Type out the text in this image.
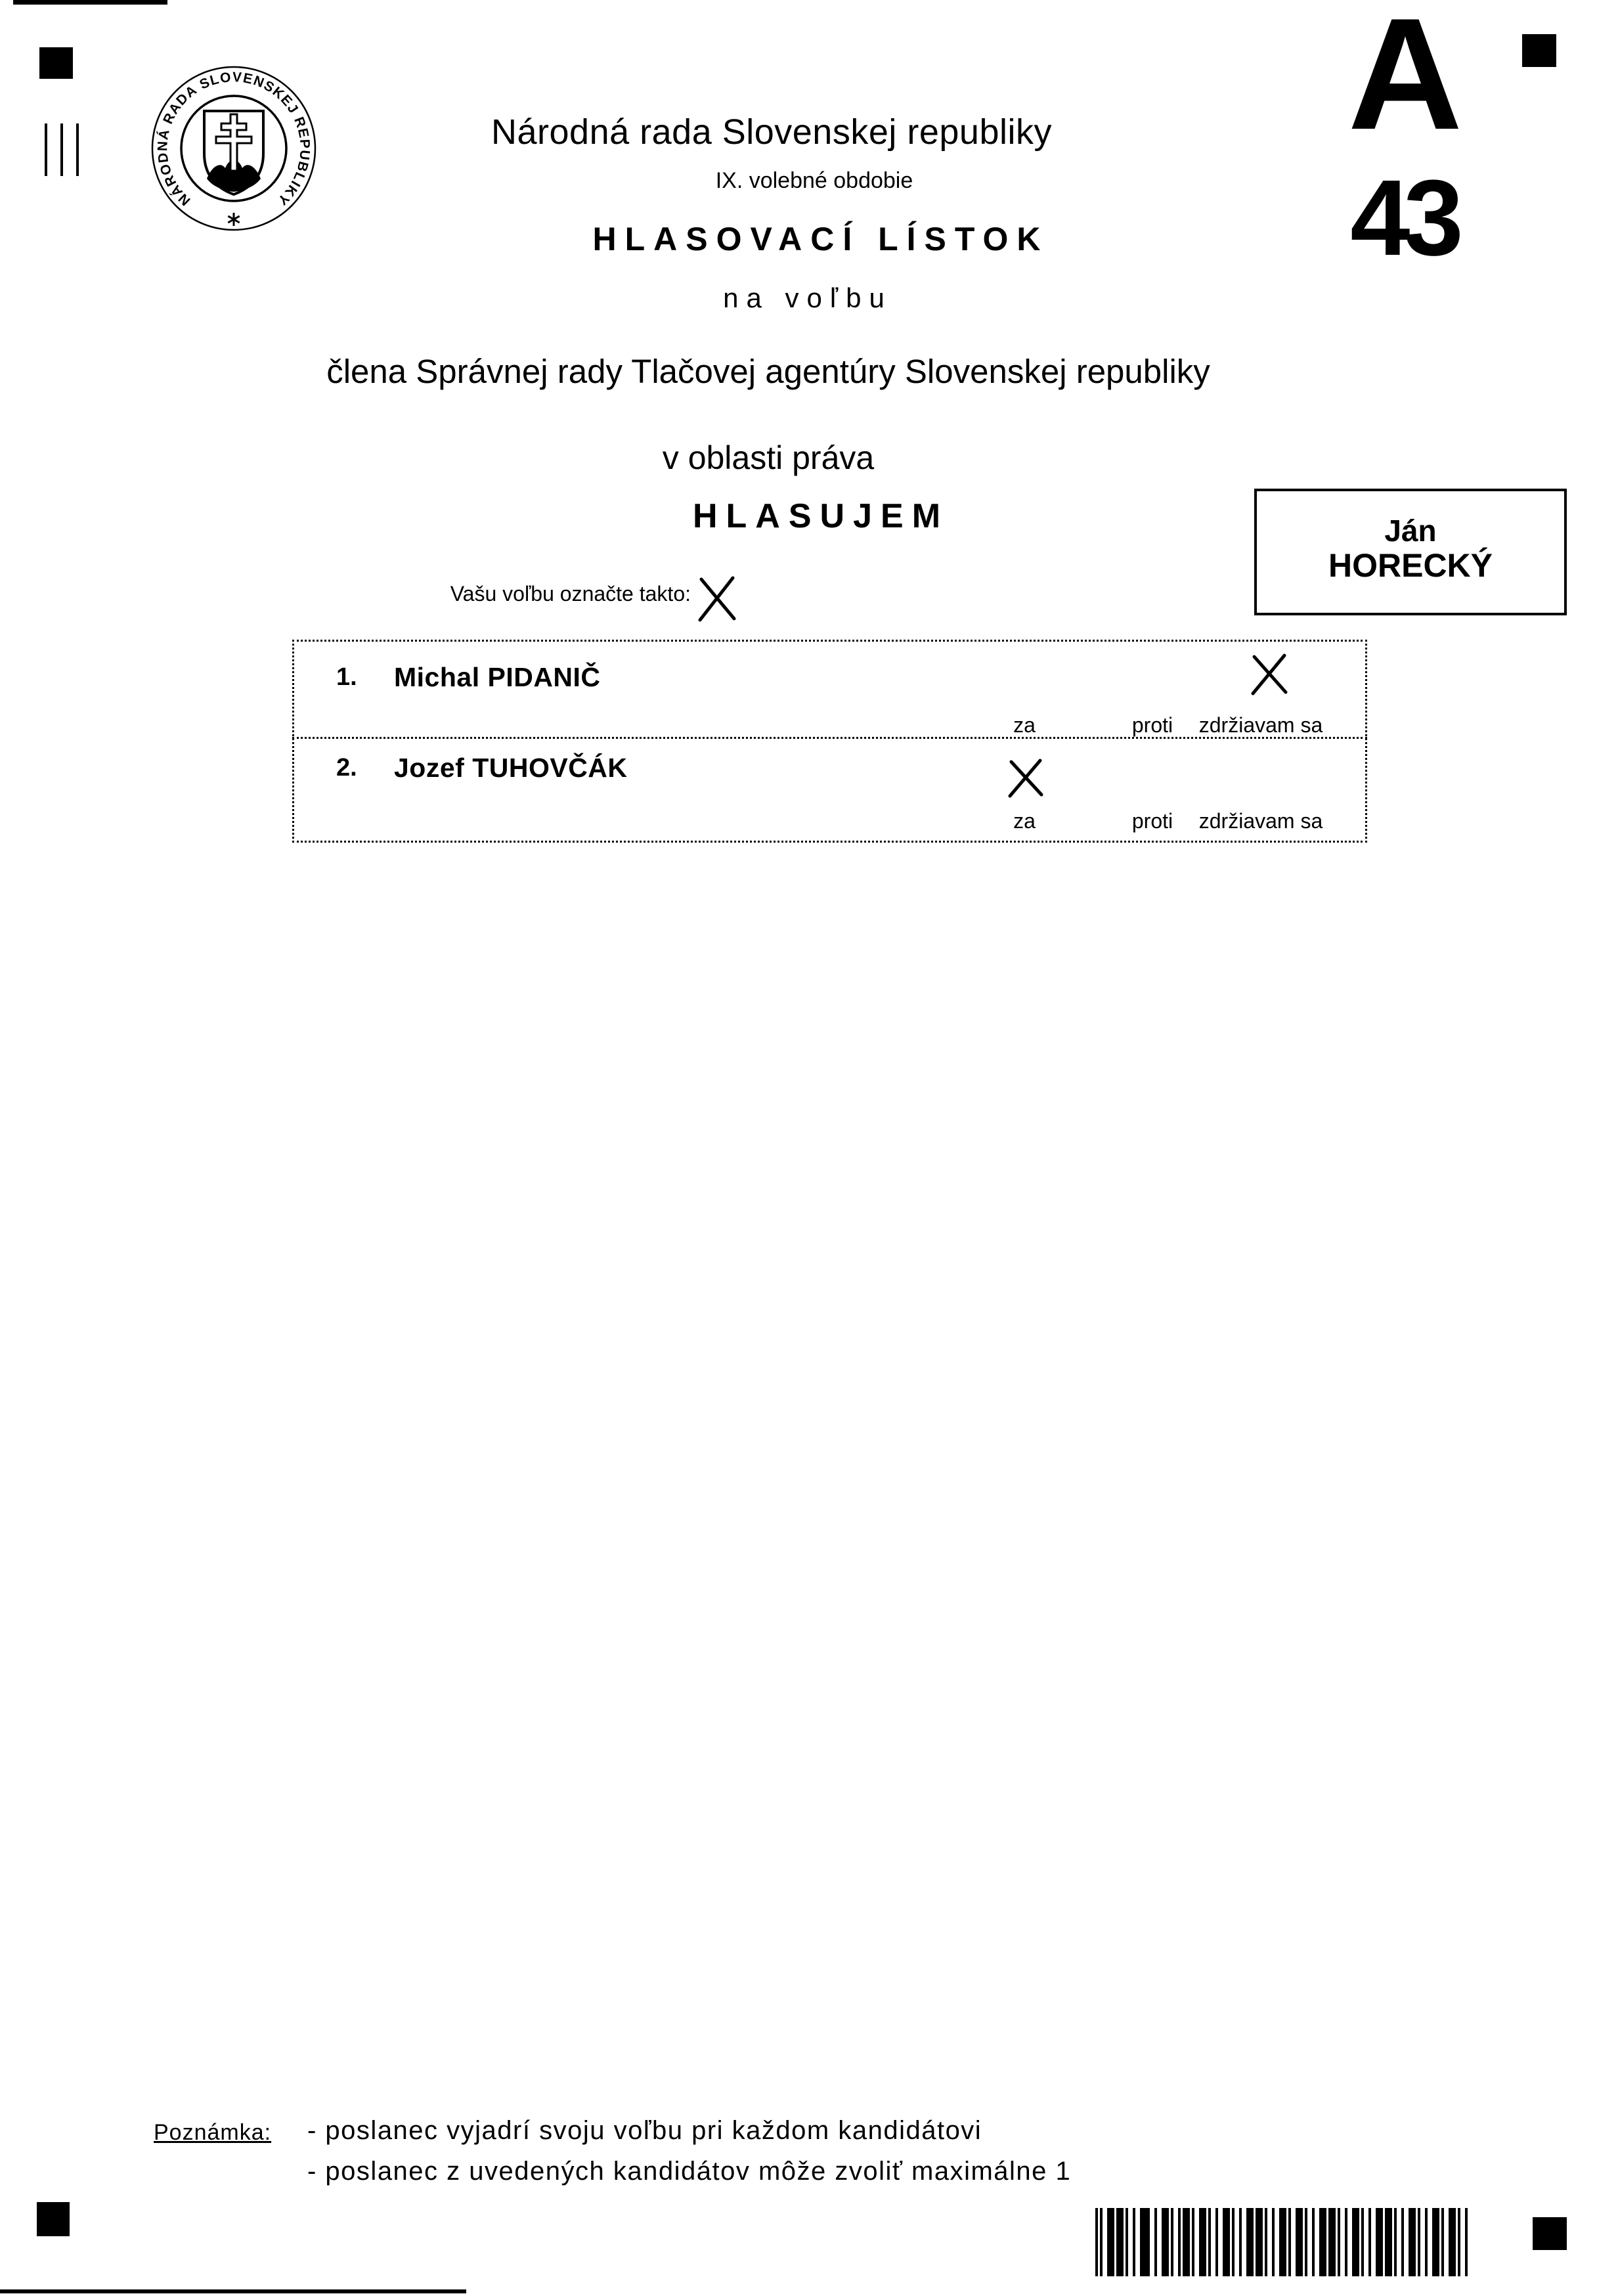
NÁRODNÁ RADA SLOVENSKEJ REPUBLIKY
Národná rada Slovenskej republiky
IX. volebné obdobie
HLASOVACÍ LÍSTOK
na voľbu
člena Správnej rady Tlačovej agentúry Slovenskej republiky
v oblasti práva
HLASUJEM
A
43
Ján
HORECKÝ
Vašu voľbu označte takto:
1. Michal PIDANIČ
za	proti	zdržiavam sa
2. Jozef TUHOVČÁK
za	proti	zdržiavam sa
Poznámka: - poslanec vyjadrí svoju voľbu pri každom kandidátovi
- poslanec z uvedených kandidátov môže zvoliť maximálne 1
